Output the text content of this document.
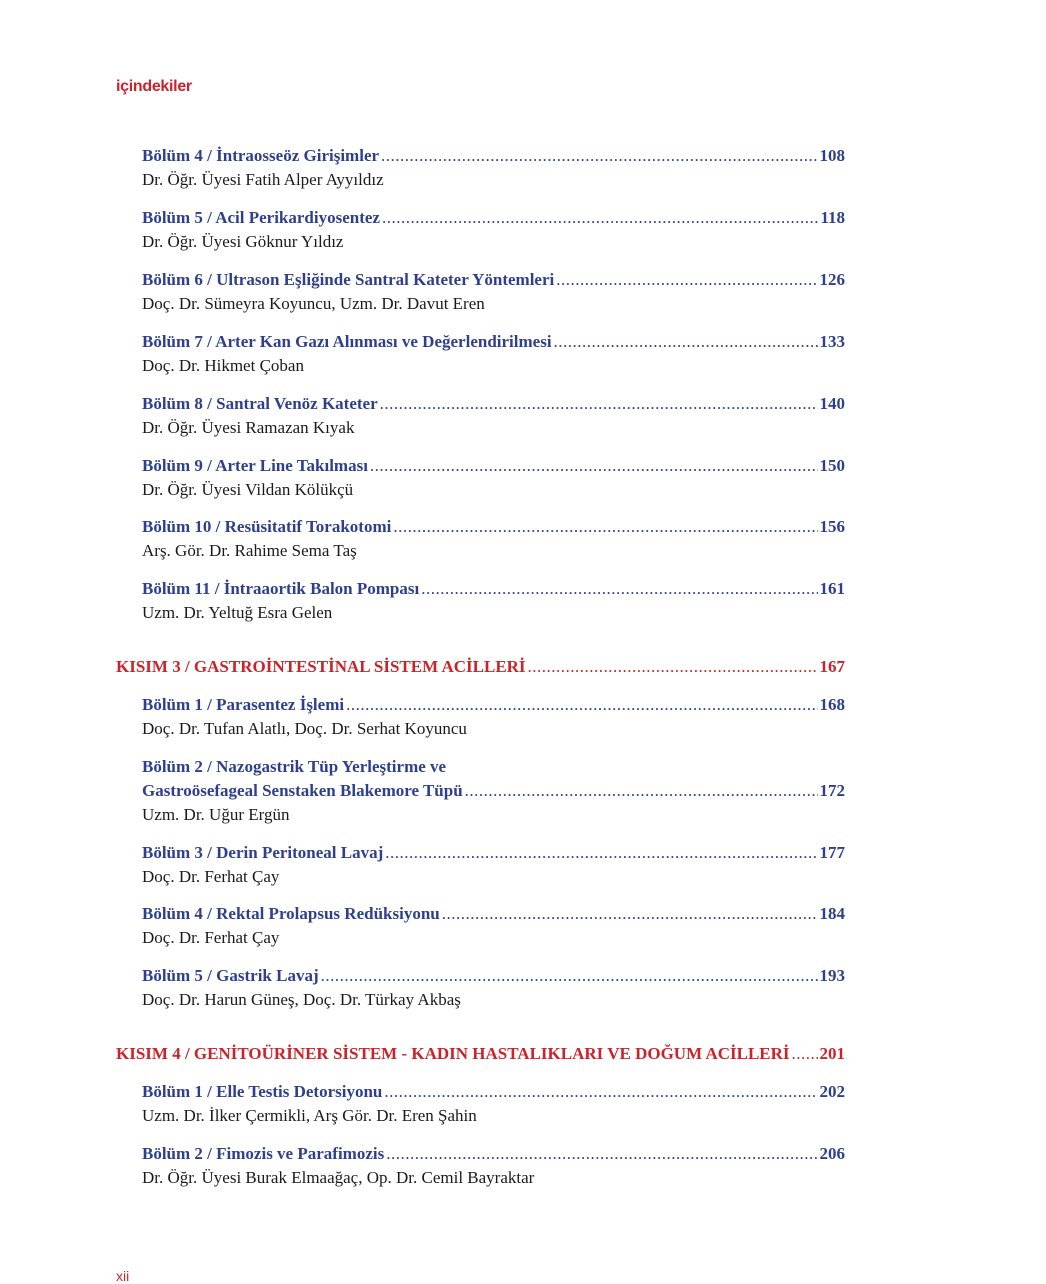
içindekiler
Bölüm 4 / İntraosseöz Girişimler .....	108
Dr. Öğr. Üyesi Fatih Alper Ayyıldız
Bölüm 5 / Acil Perikardiyosentez .....	118
Dr. Öğr. Üyesi Göknur Yıldız
Bölüm 6 / Ultrason Eşliğinde Santral Kateter Yöntemleri .....	126
Doç. Dr. Sümeyra Koyuncu, Uzm. Dr. Davut Eren
Bölüm 7 / Arter Kan Gazı Alınması ve Değerlendirilmesi .....	133
Doç. Dr. Hikmet Çoban
Bölüm 8 / Santral Venöz Kateter .....	140
Dr. Öğr. Üyesi Ramazan Kıyak
Bölüm 9 / Arter Line Takılması .....	150
Dr. Öğr. Üyesi Vildan Kölükçü
Bölüm 10 / Resüsitatif Torakotomi .....	156
Arş. Gör. Dr. Rahime Sema Taş
Bölüm 11 / İntraaortik Balon Pompası .....	161
Uzm. Dr. Yeltuğ Esra Gelen
KISIM 3 / GASTROİNTESTİNAL SİSTEM ACİLLERİ .....	167
Bölüm 1 / Parasentez İşlemi .....	168
Doç. Dr. Tufan Alatlı, Doç. Dr. Serhat Koyuncu
Bölüm 2 / Nazogastrik Tüp Yerleştirme ve
Gastroösefageal Senstaken Blakemore Tüpü .....	172
Uzm. Dr. Uğur Ergün
Bölüm 3 / Derin Peritoneal Lavaj .....	177
Doç. Dr. Ferhat Çay
Bölüm 4 / Rektal Prolapsus Redüksiyonu .....	184
Doç. Dr. Ferhat Çay
Bölüm 5 / Gastrik Lavaj .....	193
Doç. Dr. Harun Güneş, Doç. Dr. Türkay Akbaş
KISIM 4 / GENİTOÜRİNER SİSTEM - KADIN HASTALIKLARI VE DOĞUM ACİLLERİ ..... 201
Bölüm 1 / Elle Testis Detorsiyonu .....	202
Uzm. Dr. İlker Çermikli, Arş Gör. Dr. Eren Şahin
Bölüm 2 / Fimozis ve Parafimozis .....	206
Dr. Öğr. Üyesi Burak Elmaağaç, Op. Dr. Cemil Bayraktar
xii
